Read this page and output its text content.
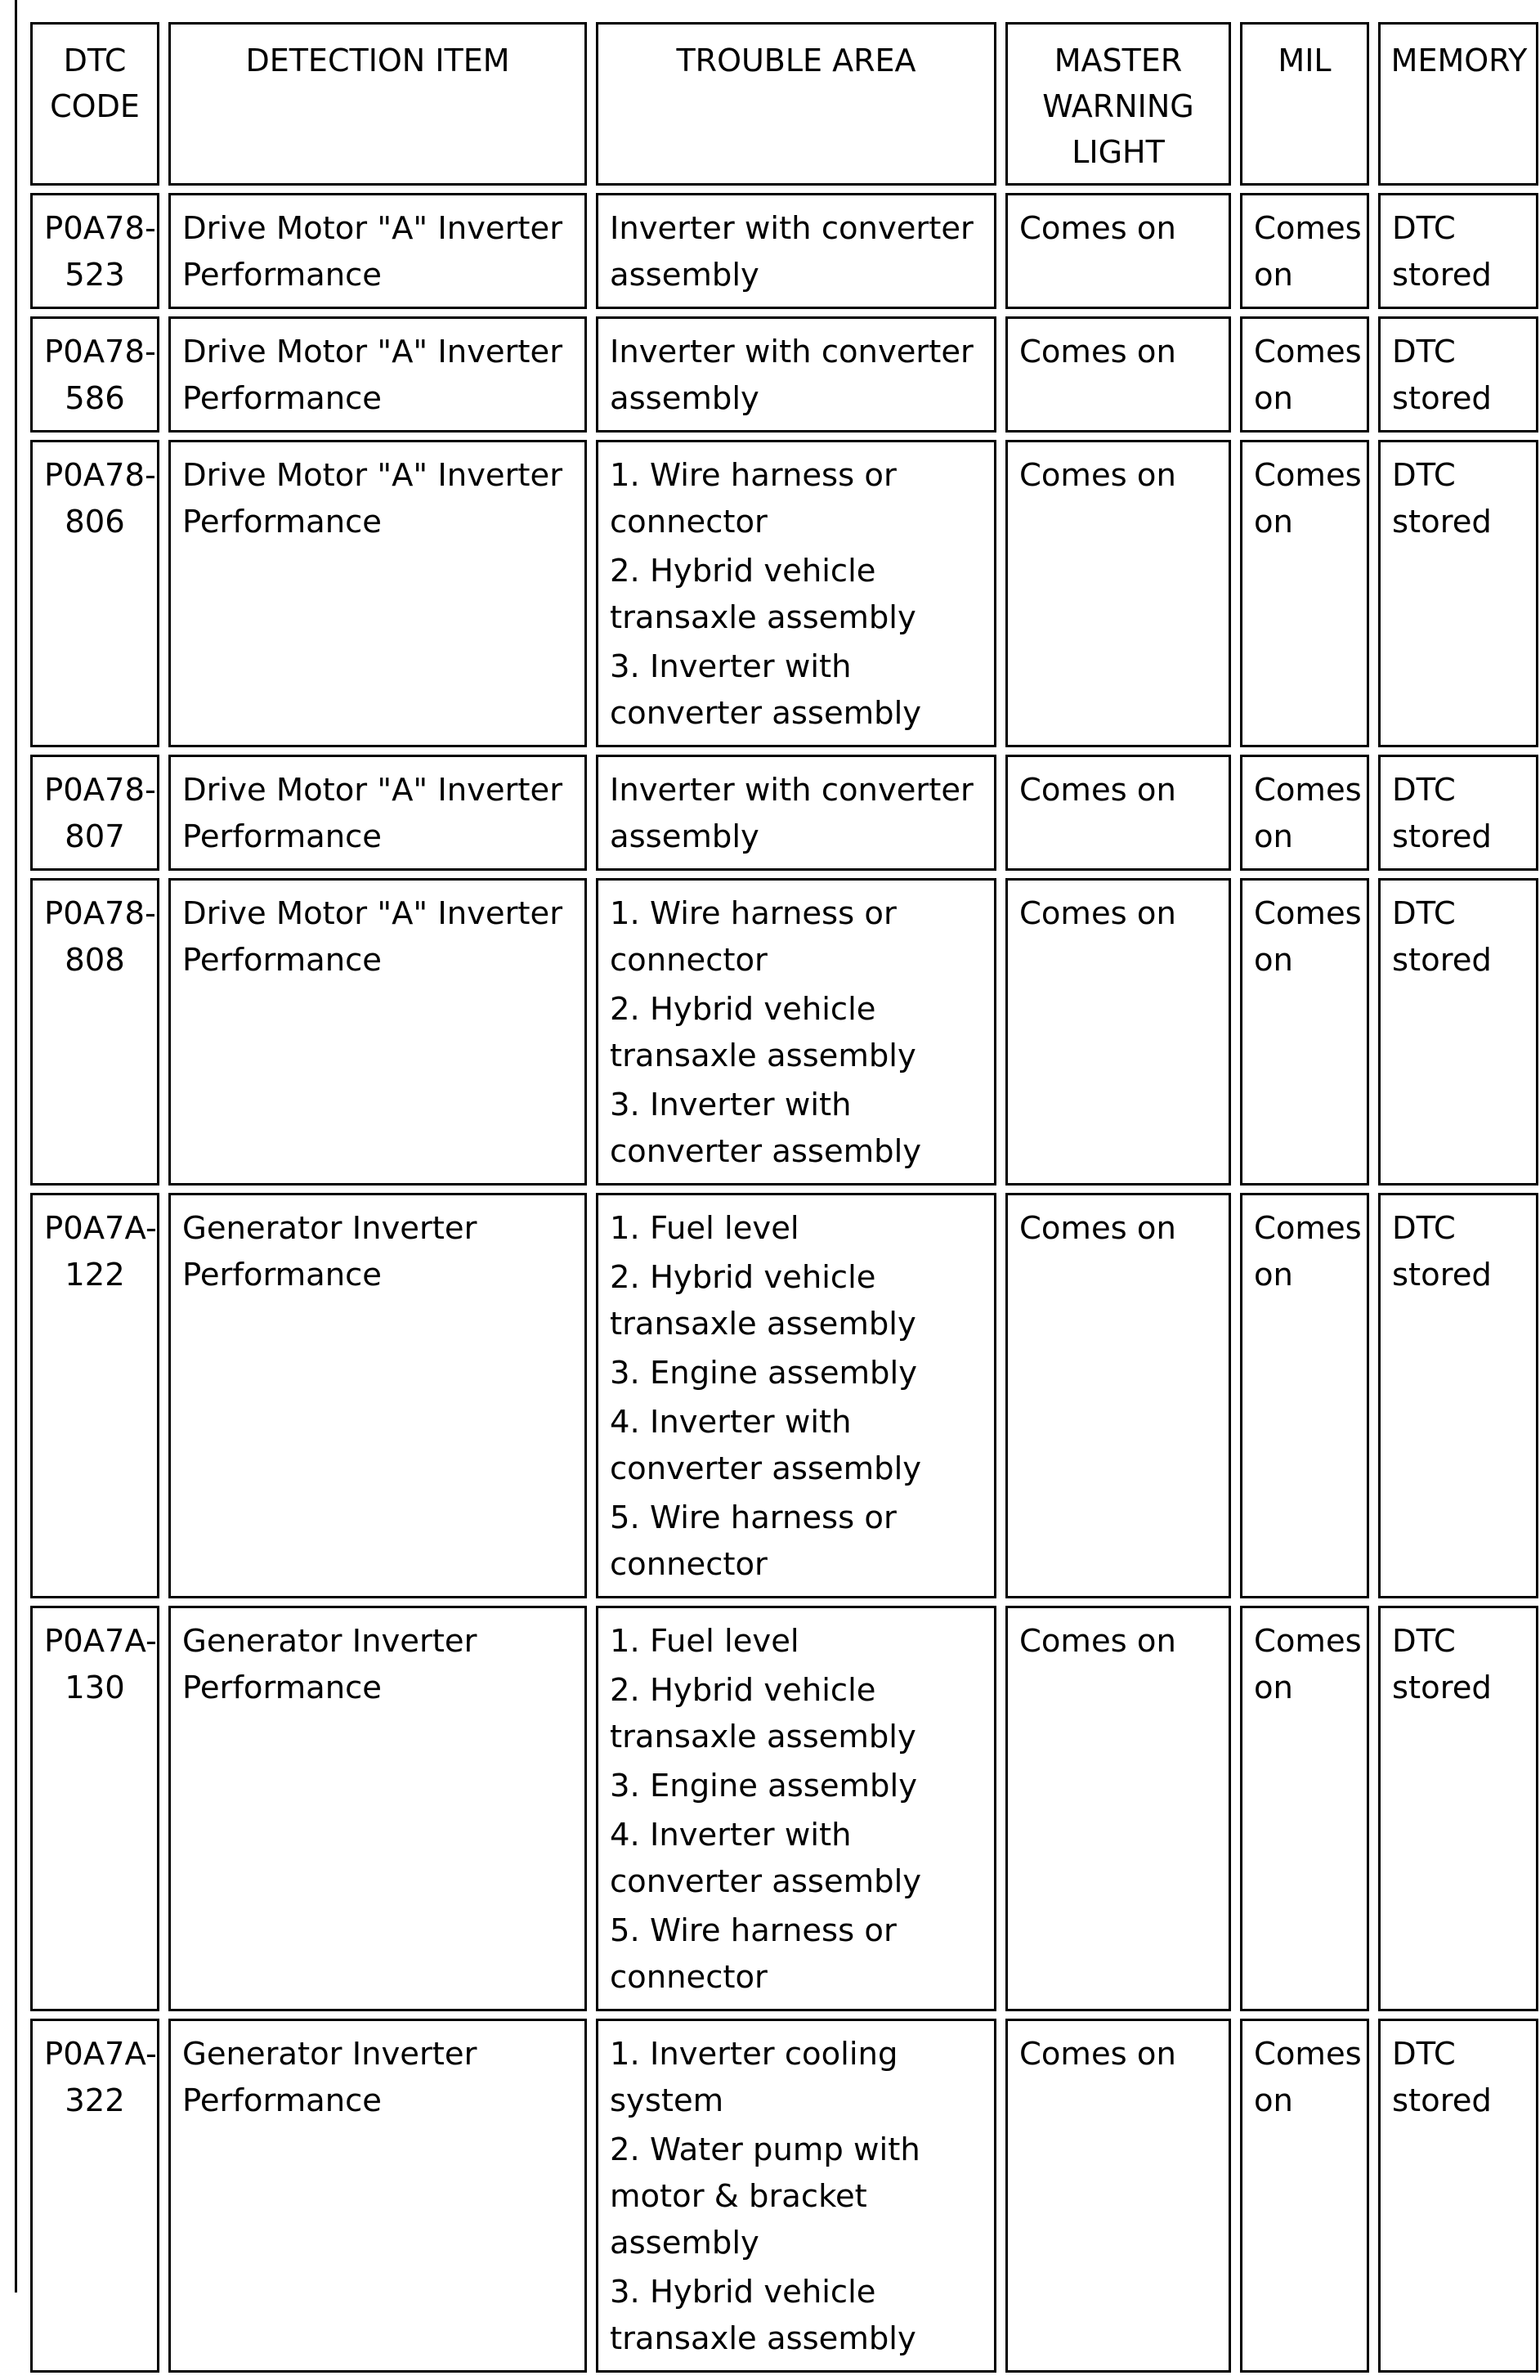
DTC CODE	DETECTION ITEM	TROUBLE AREA	MASTER WARNING LIGHT	MIL	MEMORY	
P0A78-523	Drive Motor "A" Inverter Performance	Inverter with converter assembly	Comes on	Comes on	DTC stored	
P0A78-586	Drive Motor "A" Inverter Performance	Inverter with converter assembly	Comes on	Comes on	DTC stored	
P0A78-806	Drive Motor "A" Inverter Performance	1. Wire harness or connector
2. Hybrid vehicle transaxle assembly
3. Inverter with converter assembly	Comes on	Comes on	DTC stored	
P0A78-807	Drive Motor "A" Inverter Performance	Inverter with converter assembly	Comes on	Comes on	DTC stored	
P0A78-808	Drive Motor "A" Inverter Performance	1. Wire harness or connector
2. Hybrid vehicle transaxle assembly
3. Inverter with converter assembly	Comes on	Comes on	DTC stored	
P0A7A-122	Generator Inverter Performance	1. Fuel level
2. Hybrid vehicle transaxle assembly
3. Engine assembly
4. Inverter with converter assembly
5. Wire harness or connector	Comes on	Comes on	DTC stored	
P0A7A-130	Generator Inverter Performance	1. Fuel level
2. Hybrid vehicle transaxle assembly
3. Engine assembly
4. Inverter with converter assembly
5. Wire harness or connector	Comes on	Comes on	DTC stored	
P0A7A-322	Generator Inverter Performance	1. Inverter cooling system
2. Water pump with motor & bracket assembly
3. Hybrid vehicle transaxle assembly	Comes on	Comes on	DTC stored	
